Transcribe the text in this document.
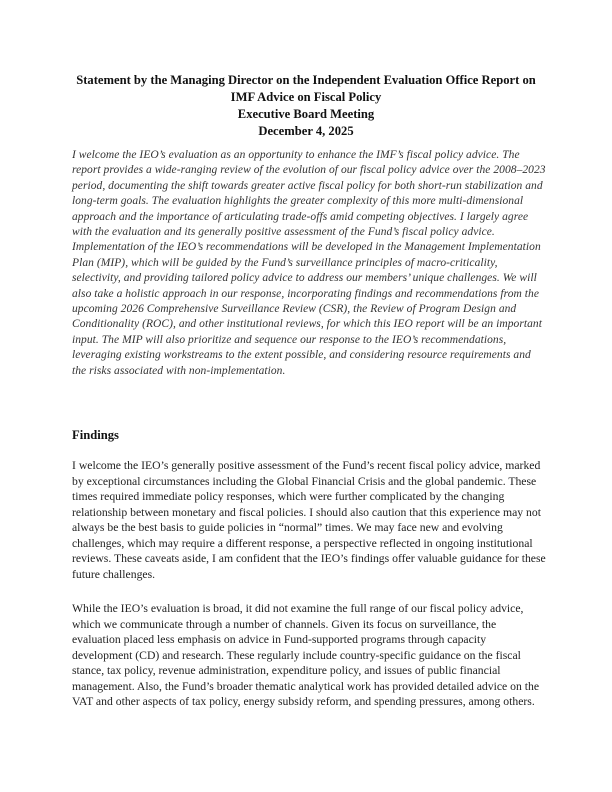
Statement by the Managing Director on the Independent Evaluation Office Report on
IMF Advice on Fiscal Policy
Executive Board Meeting
December 4, 2025

I welcome the IEO’s evaluation as an opportunity to enhance the IMF’s fiscal policy advice. The report provides a wide-ranging review of the evolution of our fiscal policy advice over the 2008–2023 period, documenting the shift towards greater active fiscal policy for both short-run stabilization and long-term goals. The evaluation highlights the greater complexity of this more multi-dimensional approach and the importance of articulating trade-offs amid competing objectives. I largely agree with the evaluation and its generally positive assessment of the Fund’s fiscal policy advice. Implementation of the IEO’s recommendations will be developed in the Management Implementation Plan (MIP), which will be guided by the Fund’s surveillance principles of macro-criticality, selectivity, and providing tailored policy advice to address our members’ unique challenges. We will also take a holistic approach in our response, incorporating findings and recommendations from the upcoming 2026 Comprehensive Surveillance Review (CSR), the Review of Program Design and Conditionality (ROC), and other institutional reviews, for which this IEO report will be an important input. The MIP will also prioritize and sequence our response to the IEO’s recommendations, leveraging existing workstreams to the extent possible, and considering resource requirements and the risks associated with non-implementation.

Findings

I welcome the IEO’s generally positive assessment of the Fund’s recent fiscal policy advice, marked by exceptional circumstances including the Global Financial Crisis and the global pandemic. These times required immediate policy responses, which were further complicated by the changing relationship between monetary and fiscal policies. I should also caution that this experience may not always be the best basis to guide policies in “normal” times. We may face new and evolving challenges, which may require a different response, a perspective reflected in ongoing institutional reviews. These caveats aside, I am confident that the IEO’s findings offer valuable guidance for these future challenges.

While the IEO’s evaluation is broad, it did not examine the full range of our fiscal policy advice, which we communicate through a number of channels. Given its focus on surveillance, the evaluation placed less emphasis on advice in Fund-supported programs through capacity development (CD) and research. These regularly include country-specific guidance on the fiscal stance, tax policy, revenue administration, expenditure policy, and issues of public financial management. Also, the Fund’s broader thematic analytical work has provided detailed advice on the VAT and other aspects of tax policy, energy subsidy reform, and spending pressures, among others.
